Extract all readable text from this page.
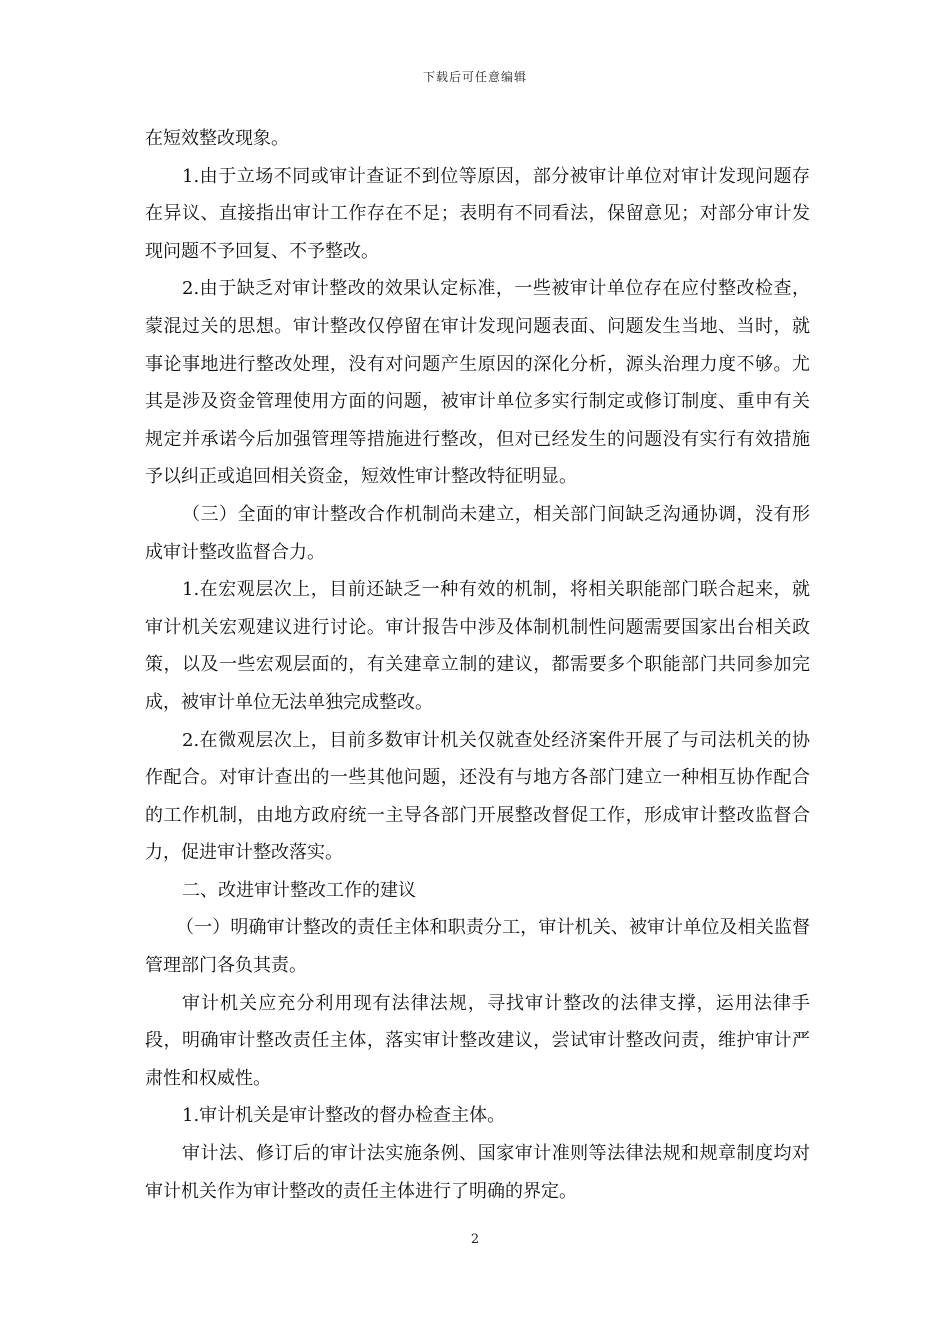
下载后可任意编辑

在短效整改现象。

1.由于立场不同或审计查证不到位等原因，部分被审计单位对审计发现问题存在异议、直接指出审计工作存在不足；表明有不同看法，保留意见；对部分审计发现问题不予回复、不予整改。

2.由于缺乏对审计整改的效果认定标准，一些被审计单位存在应付整改检查，蒙混过关的思想。审计整改仅停留在审计发现问题表面、问题发生当地、当时，就事论事地进行整改处理，没有对问题产生原因的深化分析，源头治理力度不够。尤其是涉及资金管理使用方面的问题，被审计单位多实行制定或修订制度、重申有关规定并承诺今后加强管理等措施进行整改，但对已经发生的问题没有实行有效措施予以纠正或追回相关资金，短效性审计整改特征明显。

（三）全面的审计整改合作机制尚未建立，相关部门间缺乏沟通协调，没有形成审计整改监督合力。

1.在宏观层次上，目前还缺乏一种有效的机制，将相关职能部门联合起来，就审计机关宏观建议进行讨论。审计报告中涉及体制机制性问题需要国家出台相关政策，以及一些宏观层面的，有关建章立制的建议，都需要多个职能部门共同参加完成，被审计单位无法单独完成整改。

2.在微观层次上，目前多数审计机关仅就查处经济案件开展了与司法机关的协作配合。对审计查出的一些其他问题，还没有与地方各部门建立一种相互协作配合的工作机制，由地方政府统一主导各部门开展整改督促工作，形成审计整改监督合力，促进审计整改落实。

二、改进审计整改工作的建议

（一）明确审计整改的责任主体和职责分工，审计机关、被审计单位及相关监督管理部门各负其责。

审计机关应充分利用现有法律法规，寻找审计整改的法律支撑，运用法律手段，明确审计整改责任主体，落实审计整改建议，尝试审计整改问责，维护审计严肃性和权威性。

1.审计机关是审计整改的督办检查主体。

审计法、修订后的审计法实施条例、国家审计准则等法律法规和规章制度均对审计机关作为审计整改的责任主体进行了明确的界定。

2
